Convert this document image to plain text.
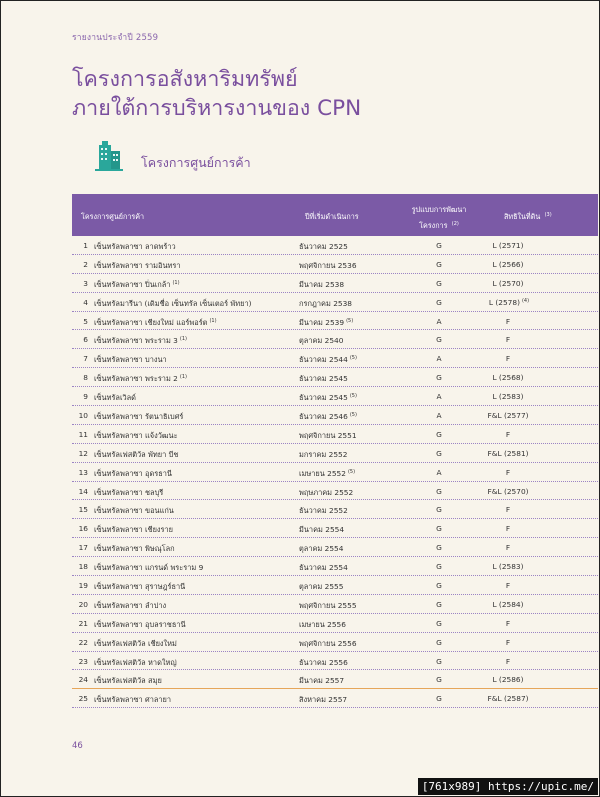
รายงานประจำปี 2559
โครงการอสังหาริมทรัพย์
ภายใต้การบริหารงานของ CPN
โครงการศูนย์การค้า
โครงการศูนย์การค้า	ปีที่เริ่มดำเนินการ
รูปแบบการพัฒนา
โครงการ $^{(2)}$
สิทธิในที่ดิน $^{(3)}$
1 เซ็นทรัลพลาซา ลาดพร้าว	ธันวาคม 2525	G	L (2571)
2 เซ็นทรัลพลาซา รามอินทรา	พฤศจิกายน 2536	G	L (2566)
3 เซ็นทรัลพลาซา ปิ่นเกล้า $^{(1)}$	มีนาคม 2538	G	L (2570)
4 เซ็นทรัลมารีนา (เดิมชื่อ เซ็นทรัล เซ็นเตอร์ พัทยา)	กรกฎาคม 2538	G	L (2578) $^{(4)}$
5 เซ็นทรัลพลาซา เชียงใหม่ แอร์พอร์ต $^{(1)}$	มีนาคม 2539 $^{(5)}$	A	F
6 เซ็นทรัลพลาซา พระราม 3 $^{(1)}$	ตุลาคม 2540	G	F
7 เซ็นทรัลพลาซา บางนา	ธันวาคม 2544 $^{(5)}$	A	F
8 เซ็นทรัลพลาซา พระราม 2 $^{(1)}$	ธันวาคม 2545	G	L (2568)
9 เซ็นทรัลเวิลด์	ธันวาคม 2545 $^{(5)}$	A	L (2583)
10 เซ็นทรัลพลาซา รัตนาธิเบศร์	ธันวาคม 2546 $^{(5)}$	A	F&L (2577)
11 เซ็นทรัลพลาซา แจ้งวัฒนะ	พฤศจิกายน 2551	G	F
12 เซ็นทรัลเฟสติวัล พัทยา บีช	มกราคม 2552	G	F&L (2581)
13 เซ็นทรัลพลาซา อุดรธานี	เมษายน 2552 $^{(5)}$	A	F
14 เซ็นทรัลพลาซา ชลบุรี	พฤษภาคม 2552	G	F&L (2570)
15 เซ็นทรัลพลาซา ขอนแก่น	ธันวาคม 2552	G	F
16 เซ็นทรัลพลาซา เชียงราย	มีนาคม 2554	G	F
17 เซ็นทรัลพลาซา พิษณุโลก	ตุลาคม 2554	G	F
18 เซ็นทรัลพลาซา แกรนด์ พระราม 9	ธันวาคม 2554	G	L (2583)
19 เซ็นทรัลพลาซา สุราษฎร์ธานี	ตุลาคม 2555	G	F
20 เซ็นทรัลพลาซา ลำปาง	พฤศจิกายน 2555	G	L (2584)
21 เซ็นทรัลพลาซา อุบลราชธานี	เมษายน 2556	G	F
22 เซ็นทรัลเฟสติวัล เชียงใหม่	พฤศจิกายน 2556	G	F
23 เซ็นทรัลเฟสติวัล หาดใหญ่	ธันวาคม 2556	G	F
24 เซ็นทรัลเฟสติวัล สมุย	มีนาคม 2557	G	L (2586)
25 เซ็นทรัลพลาซา ศาลายา	สิงหาคม 2557	G	F&L (2587)
46
[761x989] https://upic.me/
